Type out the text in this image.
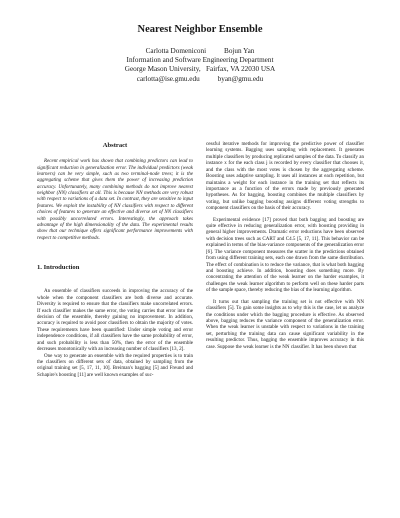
Nearest Neighbor Ensemble
Carlotta Domeniconi          Bojun Yan
Information and Software Engineering Department
George Mason University,   Fairfax, VA 22030 USA
carlotta@ise.gmu.edu          byan@gmu.edu
Abstract

Recent empirical work has shown that combining predictors can lead to significant reduction in generalization error. The individual predictors (weak learners) can be very simple, such as two terminal-node trees; it is the aggregating scheme that gives them the power of increasing prediction accuracy. Unfortunately, many combining methods do not improve nearest neighbor (NN) classifiers at all. This is because NN methods are very robust with respect to variations of a data set. In contrast, they are sensitive to input features. We exploit the instability of NN classifiers with respect to different choices of features to generate an effective and diverse set of NN classifiers with possibly uncorrelated errors. Interestingly, the approach takes advantage of the high dimensionality of the data. The experimental results show that our technique offers significant performance improvements with respect to competitive methods.

1. Introduction

An ensemble of classifiers succeeds in improving the accuracy of the whole when the component classifiers are both diverse and accurate. Diversity is required to ensure that the classifiers make uncorrelated errors. If each classifier makes the same error, the voting carries that error into the decision of the ensemble, thereby gaining no improvement. In addition, accuracy is required to avoid poor classifiers to obtain the majority of votes. These requirements have been quantified: Under simple voting and error independence conditions, if all classifiers have the same probability of error, and such probability is less than 50%, then the error of the ensemble decreases monotonically with an increasing number of classifiers [13, 2].

One way to generate an ensemble with the required properties is to train the classifiers on different sets of data, obtained by sampling from the original training set [5, 17, 11, 10]. Breiman's bagging [5] and Freund and Schapire's boosting [11] are well known examples of suc-

cessful iterative methods for improving the predictive power of classifier learning systems. Bagging uses sampling with replacement. It generates multiple classifiers by producing replicated samples of the data. To classify an instance x for the each class j is recorded by every classifier that chooses it, and the class with the most votes is chosen by the aggregating scheme. Boosting uses adaptive sampling. It uses all instances at each repetition, but maintains a weight for each instance in the training set that reflects its importance as a function of the errors made by previously generated hypotheses. As for bagging, boosting combines the multiple classifiers by voting, but unlike bagging boosting assigns different voting strengths to component classifiers on the basis of their accuracy.

Experimental evidence [17] proved that both bagging and boosting are quite effective in reducing generalization error, with boosting providing in general higher improvements. Dramatic error reductions have been observed with decision trees such as CART and C4.5 [5, 17, 11]. This behavior can be explained in terms of the bias-variance components of the generalization error [6]. The variance component measures the scatter in the predictions obtained from using different training sets, each one drawn from the same distribution. The effect of combination is to reduce the variance, that is what both bagging and boosting achieve. In addition, boosting does something more. By concentrating the attention of the weak learner on the harder examples, it challenges the weak learner algorithm to perform well on these harder parts of the sample space, thereby reducing the bias of the learning algorithm.

It turns out that sampling the training set is not effective with NN classifiers [5]. To gain some insights as to why this is the case, let us analyze the conditions under which the bagging procedure is effective. As observed above, bagging reduces the variance component of the generalization error. When the weak learner is unstable with respect to variations in the training set, perturbing the training data can cause significant variability in the resulting predictor. Thus, bagging the ensemble improves accuracy in this case. Suppose the weak learner is the NN classifier. It has been shown that
